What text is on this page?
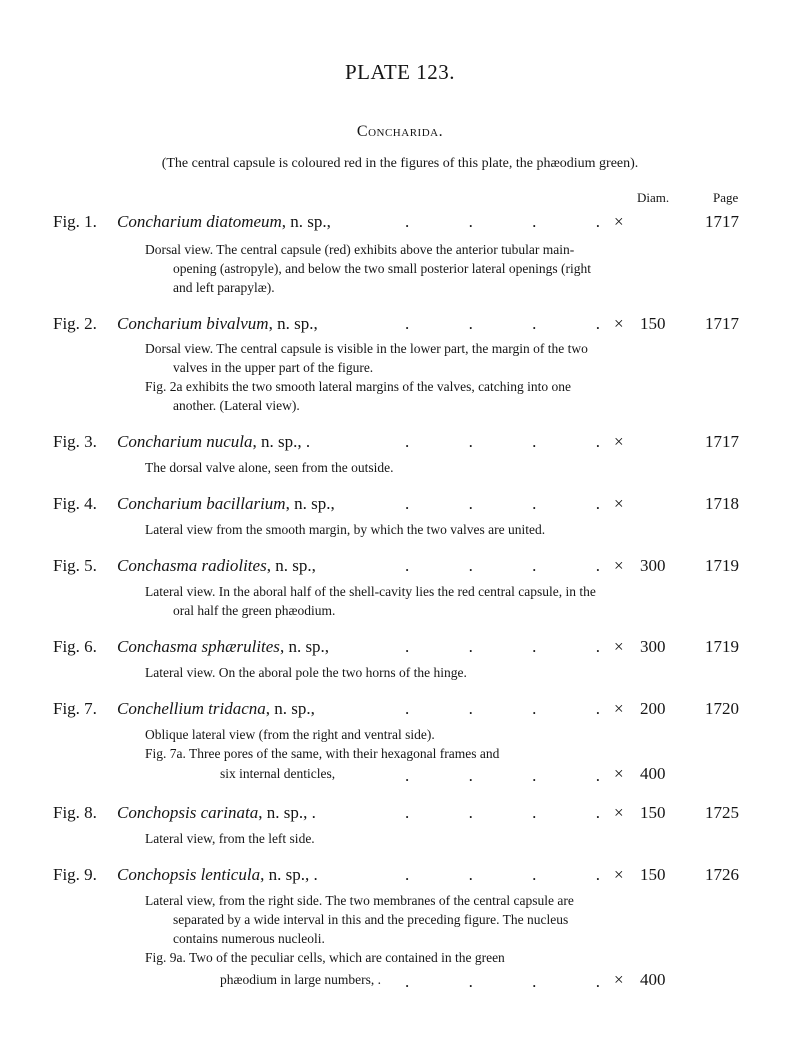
PLATE 123.
Concharida.
(The central capsule is coloured red in the figures of this plate, the phæodium green).
Diam.	Page
Fig. 1. Concharium diatomeum, n. sp.,	.	.	.	. ×	1717

Dorsal view. The central capsule (red) exhibits above the anterior tubular main-opening (astropyle), and below the two small posterior lateral openings (right and left parapylæ).

Fig. 2. Concharium bivalvum, n. sp.,	.	.	.	. × 150 1717

Dorsal view. The central capsule is visible in the lower part, the margin of the two valves in the upper part of the figure.

Fig. 2a exhibits the two smooth lateral margins of the valves, catching into one another. (Lateral view).

Fig. 3. Concharium nucula, n. sp., .	.	.	.	. ×	1717

The dorsal valve alone, seen from the outside.

Fig. 4. Concharium bacillarium, n. sp.,	.	.	.	. ×	1718

Lateral view from the smooth margin, by which the two valves are united.

Fig. 5. Conchasma radiolites, n. sp.,	.	.	.	. × 300 1719

Lateral view. In the aboral half of the shell-cavity lies the red central capsule, in the oral half the green phæodium.

Fig. 6. Conchasma sphærulites, n. sp.,	.	.	.	. × 300 1719

Lateral view. On the aboral pole the two horns of the hinge.

Fig. 7. Conchellium tridacna, n. sp.,	.	.	.	. × 200 1720

Oblique lateral view (from the right and ventral side).

Fig. 7a. Three pores of the same, with their hexagonal frames and

six internal denticles,	.	.	.	. × 400
Fig. 8. Conchopsis carinata, n. sp., .	.	.	.	. × 150 1725

Lateral view, from the left side.

Fig. 9. Conchopsis lenticula, n. sp., .	.	.	.	. × 150 1726

Lateral view, from the right side. The two membranes of the central capsule are separated by a wide interval in this and the preceding figure. The nucleus contains numerous nucleoli.

Fig. 9a. Two of the peculiar cells, which are contained in the green

phæodium in large numbers, . .	.	.	. × 400
